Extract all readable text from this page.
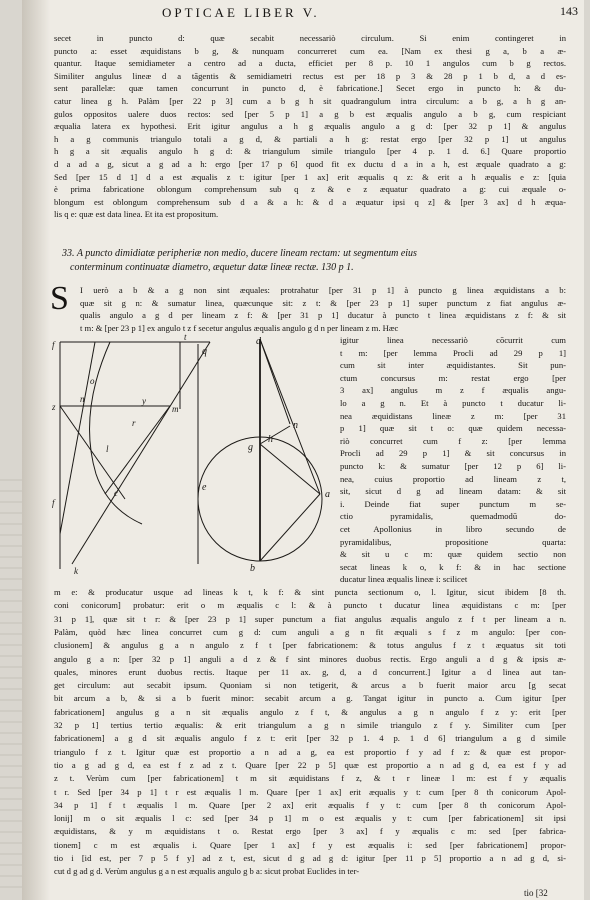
OPTICAE LIBER V.	143
secet in puncto d: quæ secabit necessariò circulum. Si enim contingeret in
puncto a: esset æquidistans b g, & nunquam concurreret cum ea. [Nam ex thesi g a, b a æ-
quantur. Itaque semidiameter a centro ad a ducta, efficiet per 8 p. 10 1 angulos cum b g rectos.
Similiter angulus lineæ d a tāgentis & semidiametri rectus est per 18 p 3 & 28 p 1 b d, a d es-
sent parallelæ: quæ tamen concurrunt in puncto d, è fabricatione.] Secet ergo in puncto h: & du-
catur linea g h. Palàm [per 22 p 3] cum a b g h sit quadrangulum intra circulum: a b g, a h g an-
gulos oppositos ualere duos rectos: sed [per 5 p 1] a g b est æqualis angulo a b g, cum respiciant
æqualia latera ex hypothesi. Erit igitur angulus a h g æqualis angulo a g d: [per 32 p 1] & angulus
h a g communis triangulo totali a g d, & partiali a h g: restat ergo [per 32 p 1] ut angulus
h g a sit æqualis angulo h g d: & triangulum simile triangulo [per 4 p. 1 d. 6.] Quare proportio
d a ad a g, sicut a g ad a h: ergo [per 17 p 6] quod fit ex ductu d a in a h, est æquale quadrato a g:
Sed [per 15 d 1] d a est æqualis z t: igitur [per 1 ax] erit æqualis q z: & erit a h æqualis e z: [quia
è prima fabricatione oblongum comprehensum sub q z & e z æquatur quadrato a g: cui æquale o-
blongum est oblongum comprehensum sub d a & a h: & d a æquatur ipsi q z] & [per 3 ax] d h æqua-
lis q e: quæ est data linea. Et ita est propositum.
33. A puncto dimidiatæ peripheriæ non medio, ducere lineam rectam: ut segmentum eius
conterminum continuatæ diametro, æquetur datæ lineæ rectæ. 130 p 1.
S I uerò a b & a g non sint æquales: protrahatur [per 31 p 1] à puncto g linea æquidistans a b:
quæ sit g n: & sumatur linea, quæcunque sit: z t: & [per 23 p 1] super punctum z fiat angulus æ-
qualis angulo a g d per lineam z f: & [per 31 p 1] ducatur à puncto t linea æquidistans z f: & sit
t m: & [per 23 p 1] ex angulo t z f secetur angulus æqualis angulo g d n per lineam z m. Hæc
igitur linea necessariò cōcurrit cum
t m: [per lemma Procli ad 29 p 1]
cum sit inter æquidistantes. Sit pun-
ctum concursus m: restat ergo [per
3 ax] angulus m z f æqualis angu-
lo a g n. Et à puncto t ducatur li-
nea æquidistans lineæ z m: [per 31
p 1] quæ sit t o: quæ quidem necessa-
riò concurret cum f z: [per lemma
Procli ad 29 p 1] & sit concursus in
puncto k: & sumatur [per 12 p 6] li-
nea, cuius proportio ad lineam z t,
sit, sicut d g ad lineam datam: & sit
i. Deinde fiat super punctum m se-
ctio pyramidalis, quemadmodū do-
cet Apollonius in libro secundo de
pyramidalibus, propositione quarta:
& sit u c m: quæ quidem sectio non
secat lineas k o, k f: & in hac sectione
ducatur linea æqualis lineæ i: scilicet
m e: & producatur usque ad lineas k t, k f: & sint puncta sectionum o, l. Igitur, sicut ibidem [8 th.
coni conicorum] probatur: erit o m æqualis c l: & à puncto t ducatur linea æquidistans c m: [per
31 p 1], quæ sit t r: & [per 23 p 1] super punctum a fiat angulus æqualis angulo z f t per lineam a n.
Palàm, quòd hæc linea concurret cum g d: cum anguli a g n fit æquali s f z m angulo: [per con-
clusionem] & angulus g a n angulo z f t [per fabricationem: & totus angulus f z t æquatus sit toti
angulo g a n: [per 32 p 1] anguli a d z & f sint minores duobus rectis. Ergo anguli a d g & ipsis æ-
quales, minores erunt duobus rectis. Itaque per 11 ax. g, d, a d concurrent.] Igitur a d linea aut tan-
get circulum: aut secabit ipsum. Quoniam si non tetigerit, & arcus a b fuerit maior arcu [g secat
bit arcum a b, & si a b fuerit minor: secabit arcum a g. Tangat igitur in puncto a. Cum igitur [per
fabricationem] angulus g a n sit æqualis angulo z f t, & angulus a g n angulo f z y: erit [per
32 p 1] tertius tertio æqualis: & erit triangulum a g n simile triangulo z f y. Similiter cum [per
fabricationem] a g d sit æqualis angulo f z t: erit [per 32 p 1. 4 p. 1 d 6] triangulum a g d simile
triangulo f z t. Igitur quæ est proportio a n ad a g, ea est proportio f y ad f z: & quæ est propor-
tio a g ad g d, ea est f z ad z t. Quare [per 22 p 5] quæ est proportio a n ad g d, ea est f y ad
z t. Verùm cum [per fabricationem] t m sit æquidistans f z, & t r lineæ l m: est f y æqualis
t r. Sed [per 34 p 1] t r est æqualis l m. Quare [per 1 ax] erit æqualis y t: cum [per 8 th conicorum Apol-
34 p 1] f t æqualis l m. Quare [per 2 ax] erit æqualis f y t: cum [per 8 th conicorum Apol-
lonij] m o sit æqualis l c: sed [per 34 p 1] m o est æqualis y t: cum [per fabricationem] sit ipsi
æquidistans, & y m æquidistans t o. Restat ergo [per 3 ax] f y æqualis c m: sed [per fabrica-
tionem] c m est æqualis i. Quare [per 1 ax] f y est æqualis i: sed [per fabricationem] propor-
tio i [id est, per 7 p 5 f y] ad z t, est, sicut d g ad g d: igitur [per 11 p 5] proportio a n ad g d, si-
cut d g ad g d. Verùm angulus g a n est æqualis angulo g b a: sicut probat Euclides in ter-
tio [32
f
t
z
y
m
n
c
f
k
o
r
l
q
d
n
g
e
a
b
h
